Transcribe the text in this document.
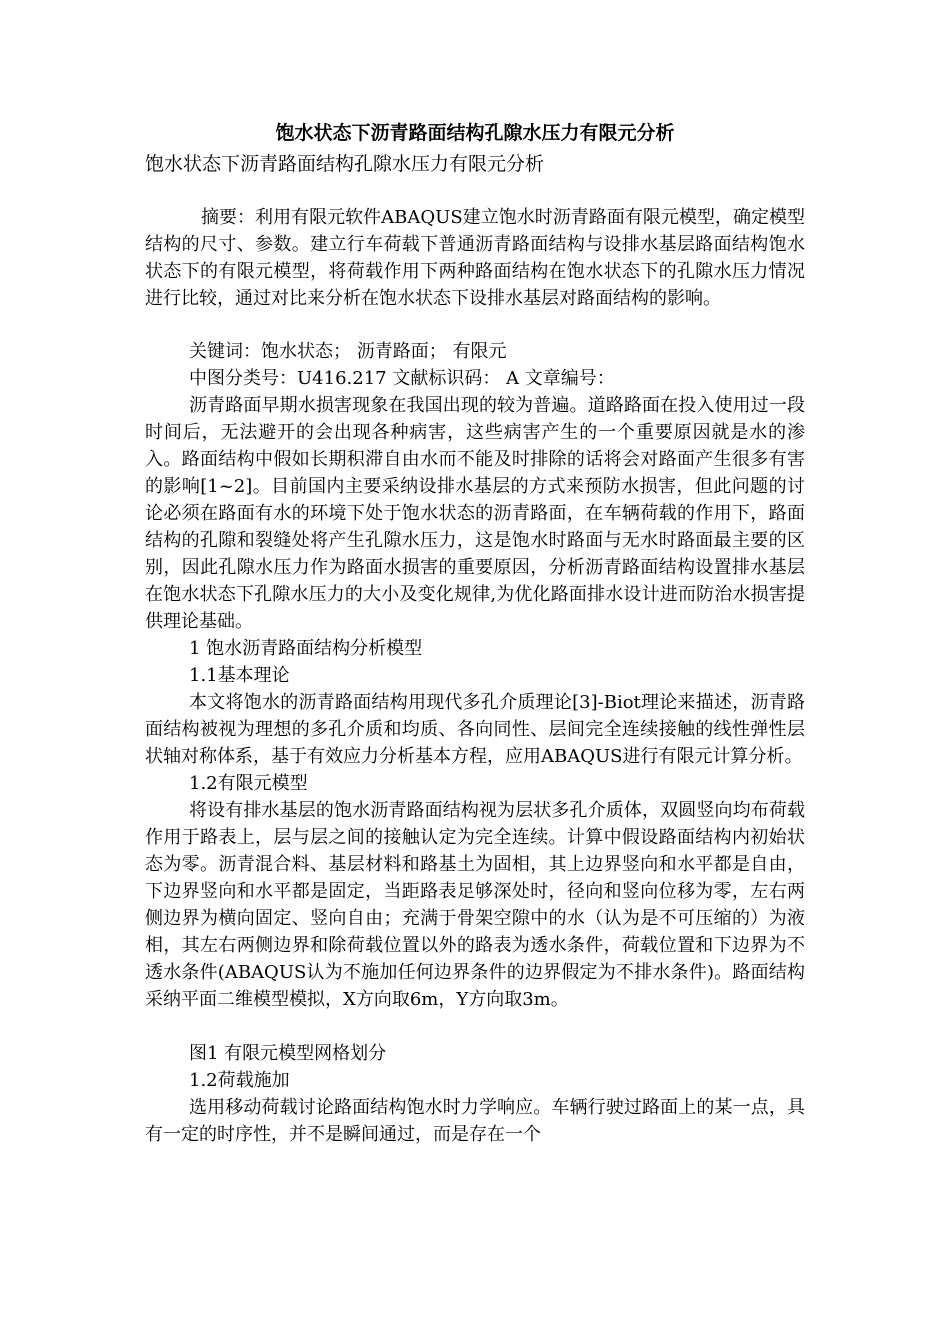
饱水状态下沥青路面结构孔隙水压力有限元分析
饱水状态下沥青路面结构孔隙水压力有限元分析

摘要：利用有限元软件ABAQUS建立饱水时沥青路面有限元模型，确定模型结构的尺寸、参数。建立行车荷载下普通沥青路面结构与设排水基层路面结构饱水状态下的有限元模型，将荷载作用下两种路面结构在饱水状态下的孔隙水压力情况进行比较，通过对比来分析在饱水状态下设排水基层对路面结构的影响。

关键词：饱水状态； 沥青路面； 有限元

中图分类号：U416.217 文献标识码： A 文章编号：

沥青路面早期水损害现象在我国出现的较为普遍。道路路面在投入使用过一段时间后，无法避开的会出现各种病害，这些病害产生的一个重要原因就是水的渗入。路面结构中假如长期积滞自由水而不能及时排除的话将会对路面产生很多有害的影响[1~2]。目前国内主要采纳设排水基层的方式来预防水损害，但此问题的讨论必须在路面有水的环境下处于饱水状态的沥青路面，在车辆荷载的作用下，路面结构的孔隙和裂缝处将产生孔隙水压力，这是饱水时路面与无水时路面最主要的区别，因此孔隙水压力作为路面水损害的重要原因，分析沥青路面结构设置排水基层在饱水状态下孔隙水压力的大小及变化规律,为优化路面排水设计进而防治水损害提供理论基础。

1 饱水沥青路面结构分析模型

1.1基本理论

本文将饱水的沥青路面结构用现代多孔介质理论[3]-Biot理论来描述，沥青路面结构被视为理想的多孔介质和均质、各向同性、层间完全连续接触的线性弹性层状轴对称体系，基于有效应力分析基本方程，应用ABAQUS进行有限元计算分析。

1.2有限元模型

将设有排水基层的饱水沥青路面结构视为层状多孔介质体，双圆竖向均布荷载作用于路表上，层与层之间的接触认定为完全连续。计算中假设路面结构内初始状态为零。沥青混合料、基层材料和路基土为固相，其上边界竖向和水平都是自由，下边界竖向和水平都是固定，当距路表足够深处时，径向和竖向位移为零，左右两侧边界为横向固定、竖向自由；充满于骨架空隙中的水（认为是不可压缩的）为液相，其左右两侧边界和除荷载位置以外的路表为透水条件，荷载位置和下边界为不透水条件(ABAQUS认为不施加任何边界条件的边界假定为不排水条件)。路面结构采纳平面二维模型模拟，X方向取6m，Y方向取3m。

图1 有限元模型网格划分

1.2荷载施加

选用移动荷载讨论路面结构饱水时力学响应。车辆行驶过路面上的某一点，具有一定的时序性，并不是瞬间通过，而是存在一个
